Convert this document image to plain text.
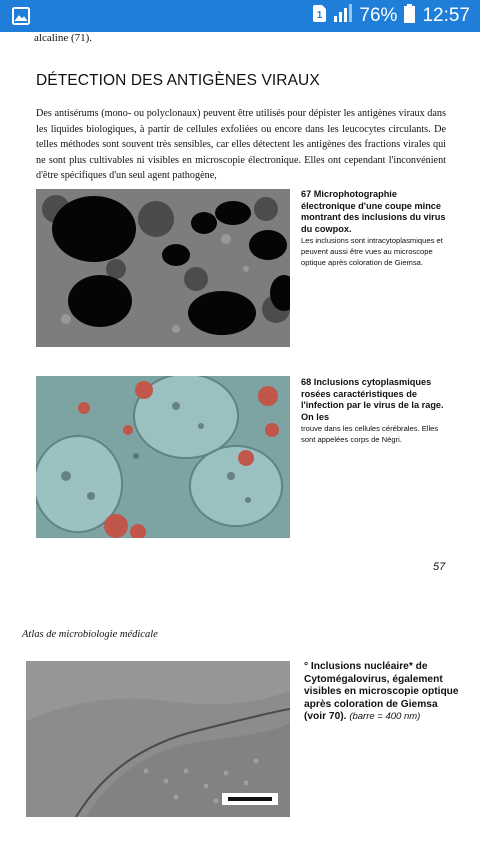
1 76% 12:57
alcaline (71).
DÉTECTION DES ANTIGÈNES VIRAUX
Des antisérums (mono- ou polyclonaux) peuvent être utilisés pour dépister les antigènes viraux dans les liquides biologiques, à partir de cellules exfoliées ou encore dans les leucocytes circulants. De telles méthodes sont souvent très sensibles, car elles détectent les antigènes des fractions virales qui ne sont plus cultivables ni visibles en microscopie électronique. Elles ont cependant l'inconvénient d'être spécifiques d'un seul agent pathogène,
67 Microphotographie électronique d'une coupe mince montrant des inclusions du virus du cowpox.
Les inclusions sont intracytoplasmiques et peuvent aussi être vues au microscope optique après coloration de Giemsa.
68 Inclusions cytoplasmiques rosées caractéristiques de l'infection par le virus de la rage. On les
trouve dans les cellules cérébrales. Elles sont appelées corps de Négri.
57
Atlas de microbiologie médicale
° Inclusions nucléaire* de Cytomégalovirus, également visibles en microscopie optique après coloration de Giemsa (voir 70). (barre = 400 nm)
